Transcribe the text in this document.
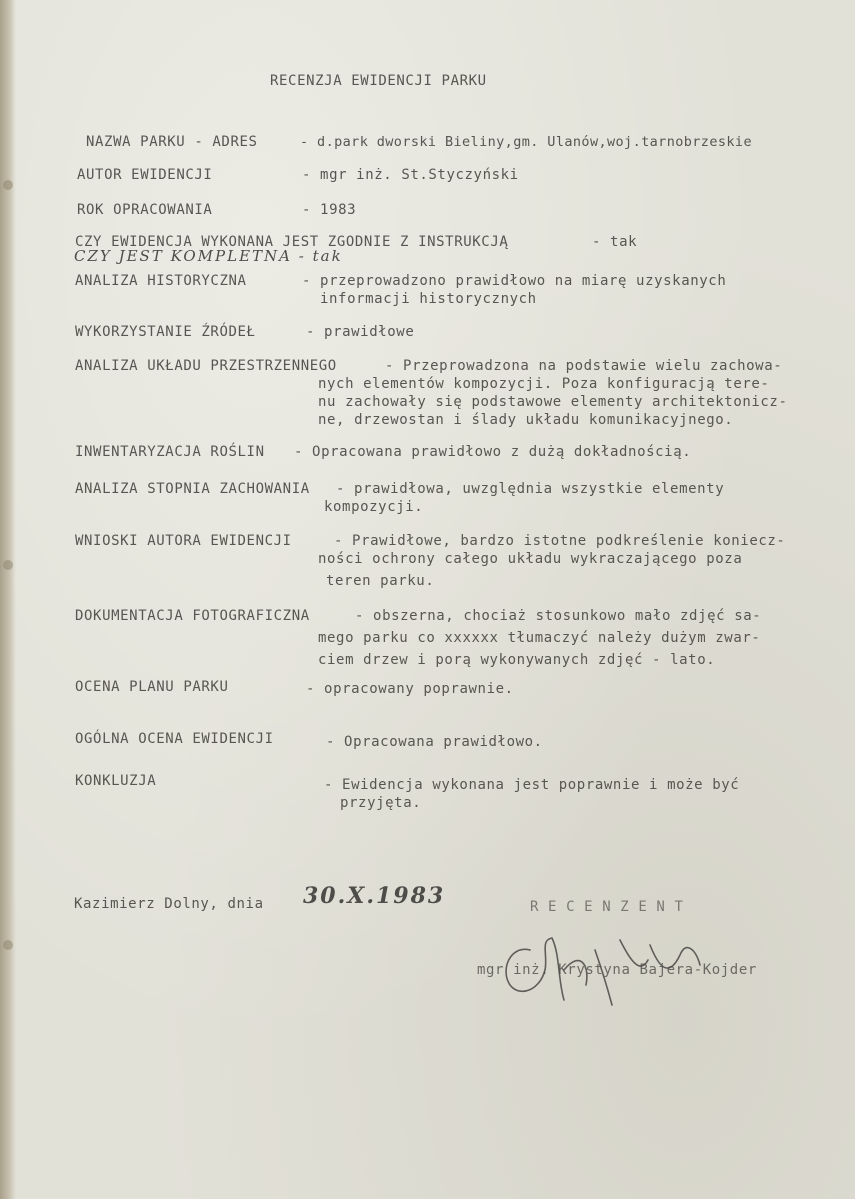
RECENZJA EWIDENCJI PARKU
NAZWA PARKU - ADRES	- d.park dworski Bieliny,gm. Ulanów,woj.tarnobrzeskie
AUTOR EWIDENCJI	- mgr inż. St.Styczyński
ROK OPRACOWANIA	- 1983
CZY EWIDENCJA WYKONANA JEST ZGODNIE Z INSTRUKCJĄ	- tak
CZY JEST KOMPLETNA - tak
ANALIZA HISTORYCZNA	- przeprowadzono prawidłowo na miarę uzyskanych
informacji historycznych
WYKORZYSTANIE ŹRÓDEŁ	- prawidłowe
ANALIZA UKŁADU PRZESTRZENNEGO	- Przeprowadzona na podstawie wielu zachowa-
nych elementów kompozycji. Poza konfiguracją tere-
nu zachowały się podstawowe elementy architektonicz-
ne, drzewostan i ślady układu komunikacyjnego.
INWENTARYZACJA ROŚLIN - Opracowana prawidłowo z dużą dokładnością.
ANALIZA STOPNIA ZACHOWANIA - prawidłowa, uwzględnia wszystkie elementy
kompozycji.
WNIOSKI AUTORA EWIDENCJI	- Prawidłowe, bardzo istotne podkreślenie koniecz-
ności ochrony całego układu wykraczającego poza
teren parku.
DOKUMENTACJA FOTOGRAFICZNA	- obszerna, chociaż stosunkowo mało zdjęć sa-
mego parku co xxxxxx tłumaczyć należy dużym zwar-
ciem drzew i porą wykonywanych zdjęć - lato.
OCENA PLANU PARKU	- opracowany poprawnie.
OGÓLNA OCENA EWIDENCJI	- Opracowana prawidłowo.
KONKLUZJA	- Ewidencja wykonana jest poprawnie i może być
przyjęta.
Kazimierz Dolny, dnia 30.X.1983	R E C E N Z E N T
mgr inż. Krystyna Bajera-Kojder
